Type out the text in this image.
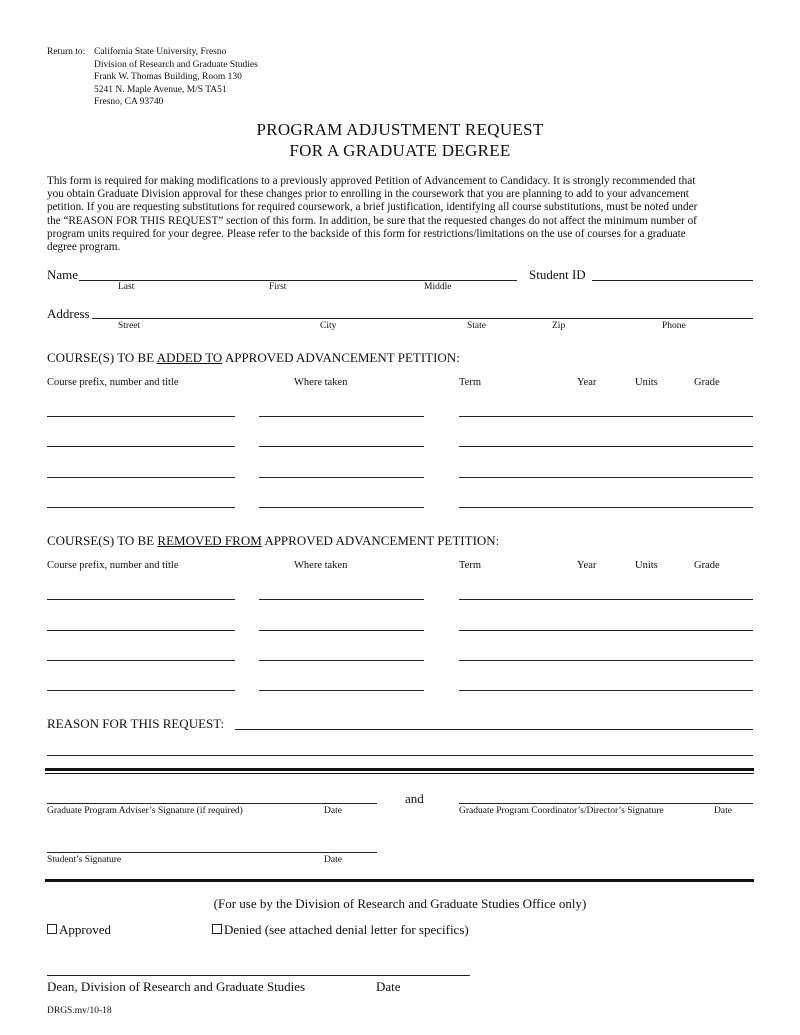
Return to: California State University, Fresno
Division of Research and Graduate Studies
Frank W. Thomas Building, Room 130
5241 N. Maple Avenue, M/S TA51
Fresno, CA 93740
PROGRAM ADJUSTMENT REQUEST
FOR A GRADUATE DEGREE
This form is required for making modifications to a previously approved Petition of Advancement to Candidacy. It is strongly recommended that
you obtain Graduate Division approval for these changes prior to enrolling in the coursework that you are planning to add to your advancement
petition. If you are requesting substitutions for required coursework, a brief justification, identifying all course substitutions, must be noted under
the “REASON FOR THIS REQUEST” section of this form. In addition, be sure that the requested changes do not affect the minimum number of
program units required for your degree. Please refer to the backside of this form for restrictions/limitations on the use of courses for a graduate
degree program.
Name	Student ID
Last	First	Middle
Address
Street	City	State	Zip	Phone
COURSE(S) TO BE ADDED TO APPROVED ADVANCEMENT PETITION:
Course prefix, number and title	Where taken	Term	Year	Units	Grade
COURSE(S) TO BE REMOVED FROM APPROVED ADVANCEMENT PETITION:
Course prefix, number and title	Where taken	Term	Year	Units	Grade
REASON FOR THIS REQUEST:
and
Graduate Program Adviser’s Signature (if required)	Date	Graduate Program Coordinator’s/Director’s Signature	Date
Student’s Signature	Date
(For use by the Division of Research and Graduate Studies Office only)
Approved	Denied (see attached denial letter for specifics)
Dean, Division of Research and Graduate Studies	Date
DRGS.mv/10-18
